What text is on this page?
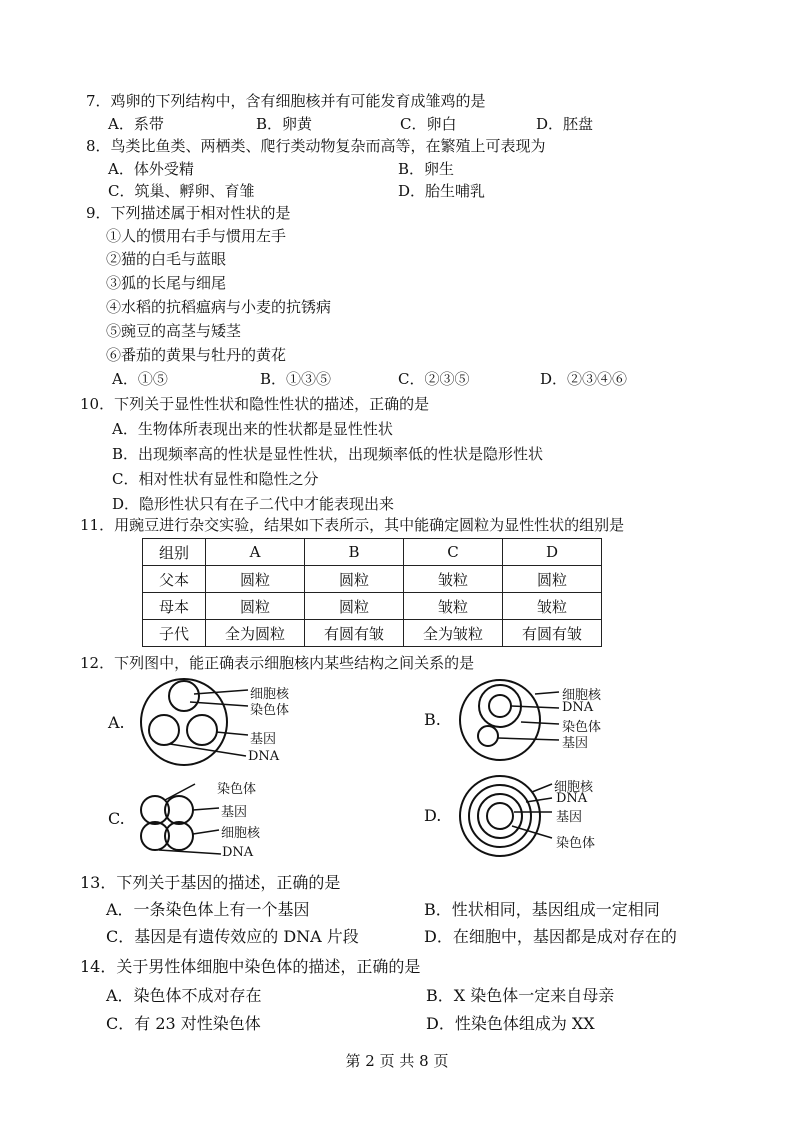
7．鸡卵的下列结构中，含有细胞核并有可能发育成雏鸡的是
A．系带	B．卵黄	C．卵白	D．胚盘
8．鸟类比鱼类、两栖类、爬行类动物复杂而高等，在繁殖上可表现为
A．体外受精	B．卵生
C．筑巢、孵卵、育雏	D．胎生哺乳
9．下列描述属于相对性状的是
①人的惯用右手与惯用左手
②猫的白毛与蓝眼
③狐的长尾与细尾
④水稻的抗稻瘟病与小麦的抗锈病
⑤豌豆的高茎与矮茎
⑥番茄的黄果与牡丹的黄花
A．①⑤	B．①③⑤	C．②③⑤	D．②③④⑥
10．下列关于显性性状和隐性性状的描述，正确的是
A．生物体所表现出来的性状都是显性性状
B．出现频率高的性状是显性性状，出现频率低的性状是隐形性状
C．相对性状有显性和隐性之分
D．隐形性状只有在子二代中才能表现出来
11．用豌豆进行杂交实验，结果如下表所示，其中能确定圆粒为显性性状的组别是
组别	A	B	C	D
父本	圆粒	圆粒	皱粒	圆粒
母本	圆粒	圆粒	皱粒	皱粒
子代	全为圆粒	有圆有皱	全为皱粒	有圆有皱
12．下列图中，能正确表示细胞核内某些结构之间关系的是
A.
细胞核
染色体
基因
DNA
B.
细胞核
DNA
染色体
基因
C.
染色体
基因
细胞核
DNA
D.
细胞核
DNA
基因
染色体
13．下列关于基因的描述，正确的是
A．一条染色体上有一个基因	B．性状相同，基因组成一定相同
C．基因是有遗传效应的 DNA 片段	D．在细胞中，基因都是成对存在的
14．关于男性体细胞中染色体的描述，正确的是
A．染色体不成对存在	B．X 染色体一定来自母亲
C．有 23 对性染色体	D．性染色体组成为 XX
第 2 页 共 8 页
